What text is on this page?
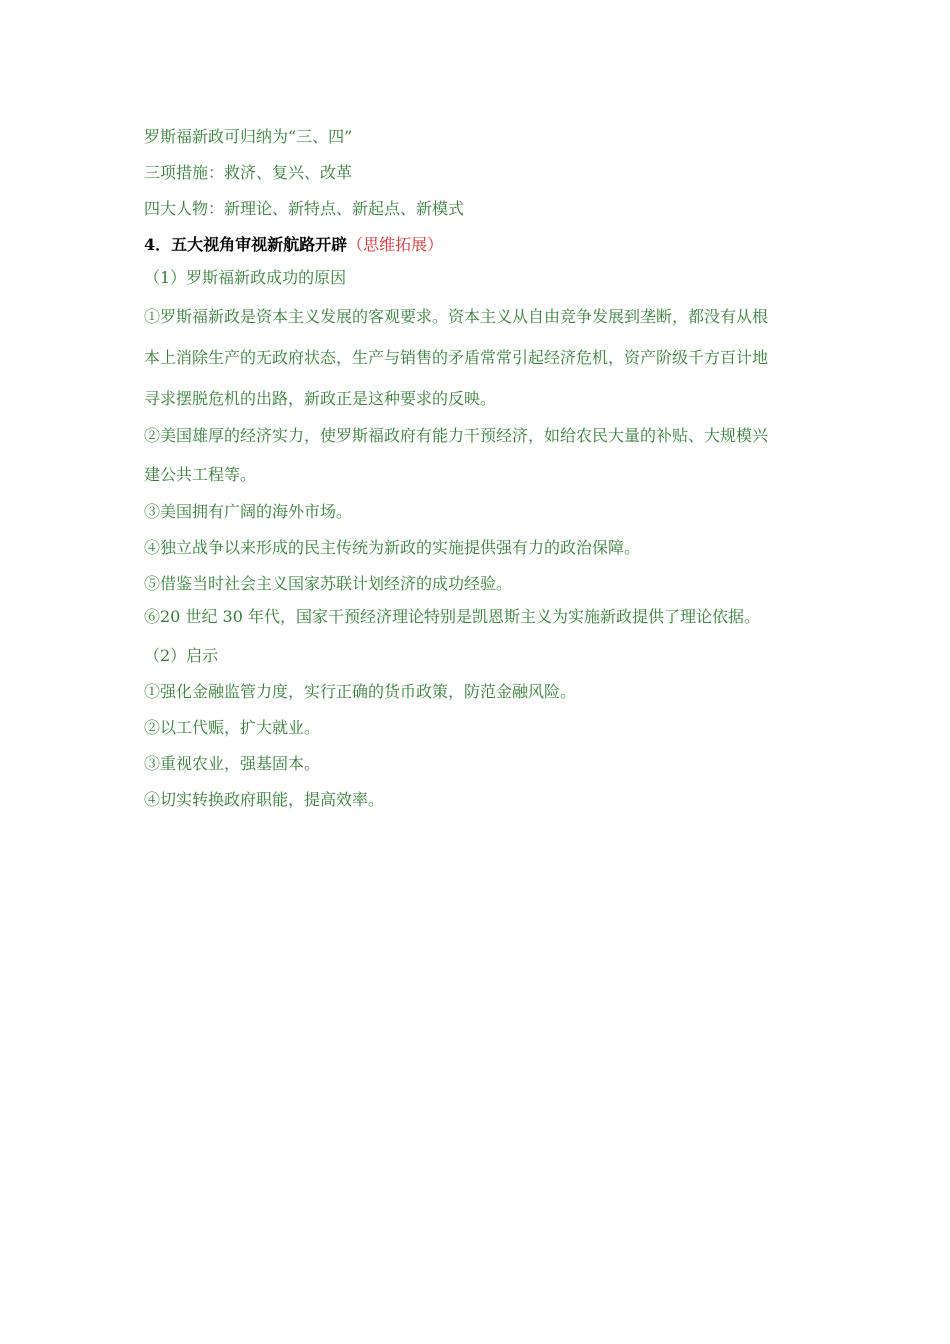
罗斯福新政可归纳为“三、四”

三项措施：救济、复兴、改革

四大人物：新理论、新特点、新起点、新模式

4．五大视角审视新航路开辟（思维拓展）

（1）罗斯福新政成功的原因

①罗斯福新政是资本主义发展的客观要求。资本主义从自由竞争发展到垄断，都没有从根

本上消除生产的无政府状态，生产与销售的矛盾常常引起经济危机，资产阶级千方百计地

寻求摆脱危机的出路，新政正是这种要求的反映。

②美国雄厚的经济实力，使罗斯福政府有能力干预经济，如给农民大量的补贴、大规模兴

建公共工程等。

③美国拥有广阔的海外市场。

④独立战争以来形成的民主传统为新政的实施提供强有力的政治保障。

⑤借鉴当时社会主义国家苏联计划经济的成功经验。

⑥20 世纪 30 年代，国家干预经济理论特别是凯恩斯主义为实施新政提供了理论依据。

（2）启示

①强化金融监管力度，实行正确的货币政策，防范金融风险。

②以工代赈，扩大就业。

③重视农业，强基固本。

④切实转换政府职能，提高效率。
